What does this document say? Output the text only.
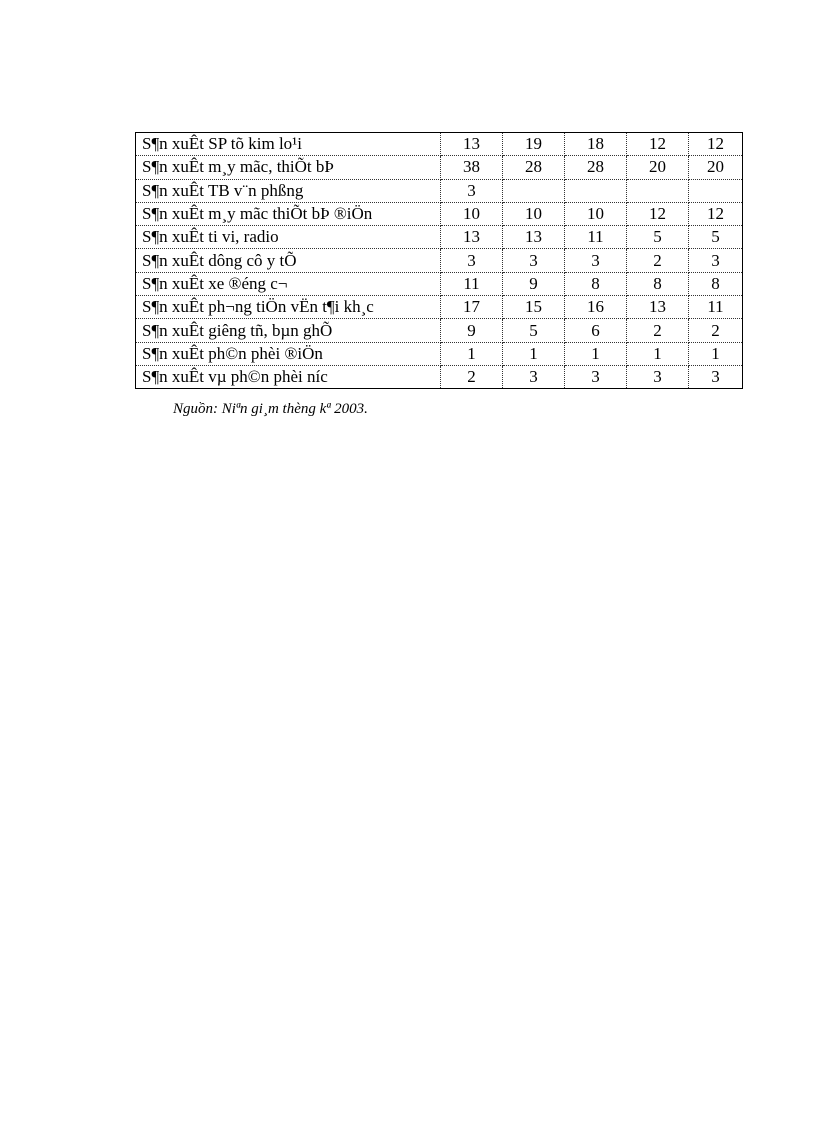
S¶n xuÊt SP tõ kim lo¹i	13	19	18	12	12
S¶n xuÊt m¸y mãc, thiÕt bÞ	38	28	28	20	20
S¶n xuÊt TB v¨n phßng	3				
S¶n xuÊt m¸y mãc thiÕt bÞ ®iÖn	10	10	10	12	12
S¶n xuÊt ti vi, radio	13	13	11	5	5
S¶n xuÊt dông cô y tÕ	3	3	3	2	3
S¶n xuÊt xe ®éng c¬	11	9	8	8	8
S¶n xuÊt ph¬ng tiÖn vËn t¶i kh¸c	17	15	16	13	11
S¶n xuÊt giêng tñ, bµn ghÕ	9	5	6	2	2
S¶n xuÊt ph©n phèi ®iÖn	1	1	1	1	1
S¶n xuÊt vµ ph©n phèi níc	2	3	3	3	3
Nguồn: Niªn gi¸m thèng kª 2003.
